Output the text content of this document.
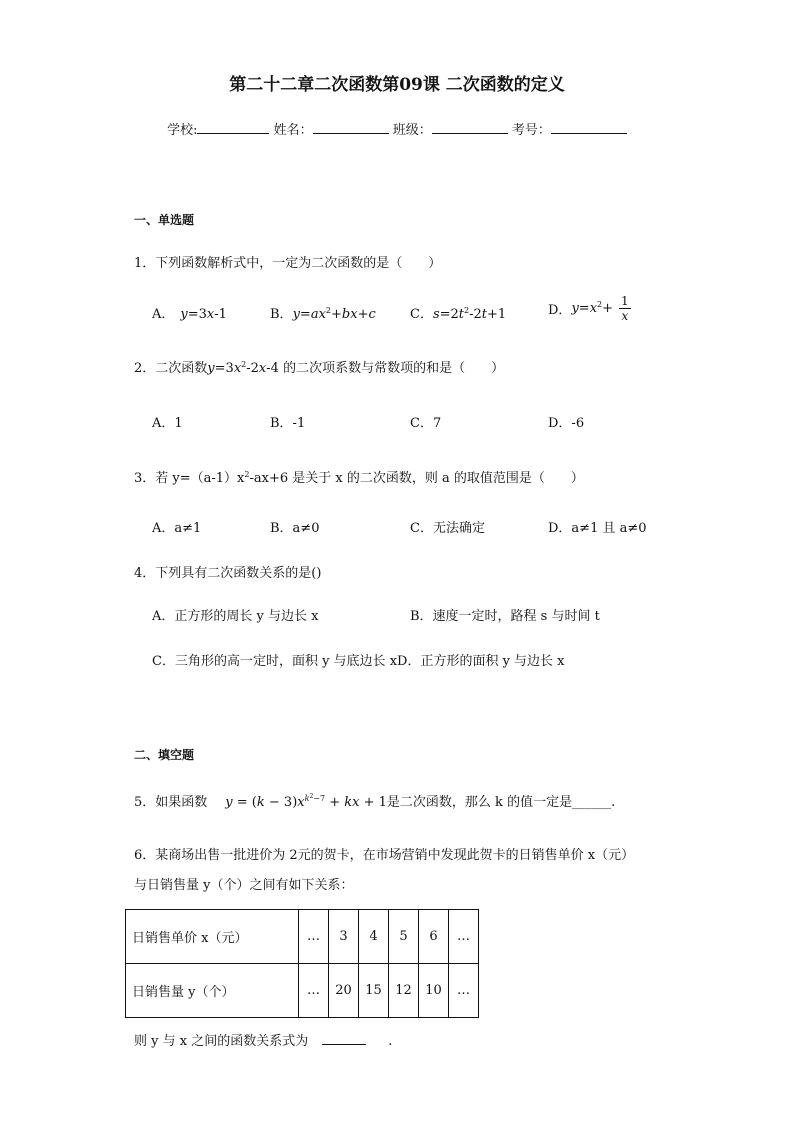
第二十二章二次函数第09课 二次函数的定义
学校:	姓名：	班级：	考号：
一、单选题
1．下列函数解析式中，一定为二次函数的是（　　）
A． y=3x-1	B．$y=ax^2+bx+c$	C．$s=2t^2-2t+1$	D．$y=x^2+ \frac{1}{x}$
2．二次函数$y=3x^2-2x-4$ 的二次项系数与常数项的和是（　　）
A．1	B．-1	C．7	D．-6
3．若 $y=(a-1)x^2-ax+6$ 是关于 x 的二次函数，则 a 的取值范围是（　　）
A．a≠1	B．a≠0	C．无法确定	D．a≠1 且 a≠0
4．下列具有二次函数关系的是()
A．正方形的周长 y 与边长 x	B．速度一定时，路程 s 与时间 t
C．三角形的高一定时，面积 y 与底边长 xD．正方形的面积 y 与边长 x
二、填空题
5．如果函数 $y = (k - 3)x^{k^2-7}$ + kx + 1是二次函数，那么 k 的值一定是______.
6．某商场出售一批进价为 2元的贺卡，在市场营销中发现此贺卡的日销售单价 x（元）
与日销售量 y（个）之间有如下关系：
日销售单价 x（元）	…	3	4	5	6	…
日销售量 y（个）	…	20	15	12	10	…
则 y 与 x 之间的函数关系式为	.
